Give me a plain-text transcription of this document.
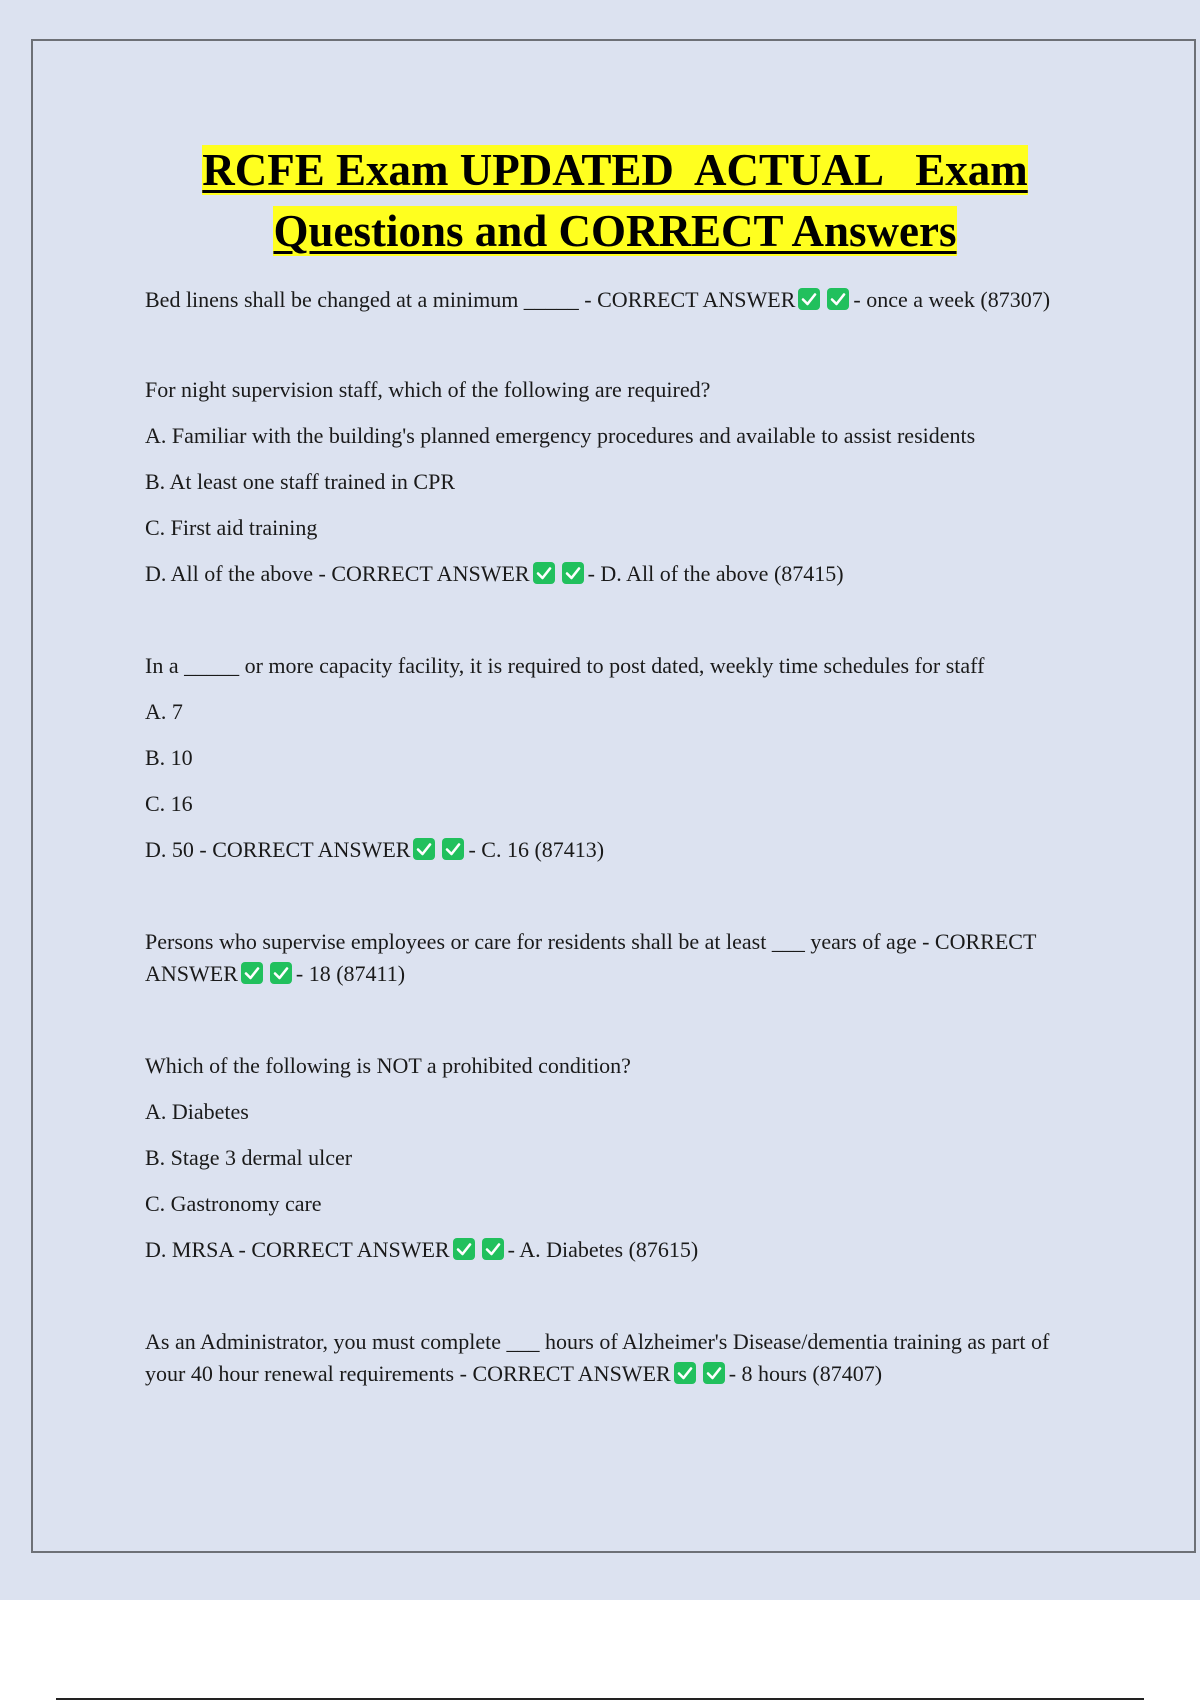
RCFE Exam UPDATED  ACTUAL   Exam
Questions and CORRECT Answers

Bed linens shall be changed at a minimum _____ - CORRECT ANSWER	- once a week (87307)

For night supervision staff, which of the following are required?

A. Familiar with the building's planned emergency procedures and available to assist residents

B. At least one staff trained in CPR

C. First aid training

D. All of the above - CORRECT ANSWER	- D. All of the above (87415)

In a _____ or more capacity facility, it is required to post dated, weekly time schedules for staff

A. 7

B. 10

C. 16

D. 50 - CORRECT ANSWER	- C. 16 (87413)

Persons who supervise employees or care for residents shall be at least ___ years of age - CORRECT ANSWER	- 18 (87411)

Which of the following is NOT a prohibited condition?

A. Diabetes

B. Stage 3 dermal ulcer

C. Gastronomy care

D. MRSA - CORRECT ANSWER	- A. Diabetes (87615)

As an Administrator, you must complete ___ hours of Alzheimer's Disease/dementia training as part of your 40 hour renewal requirements - CORRECT ANSWER	- 8 hours (87407)
